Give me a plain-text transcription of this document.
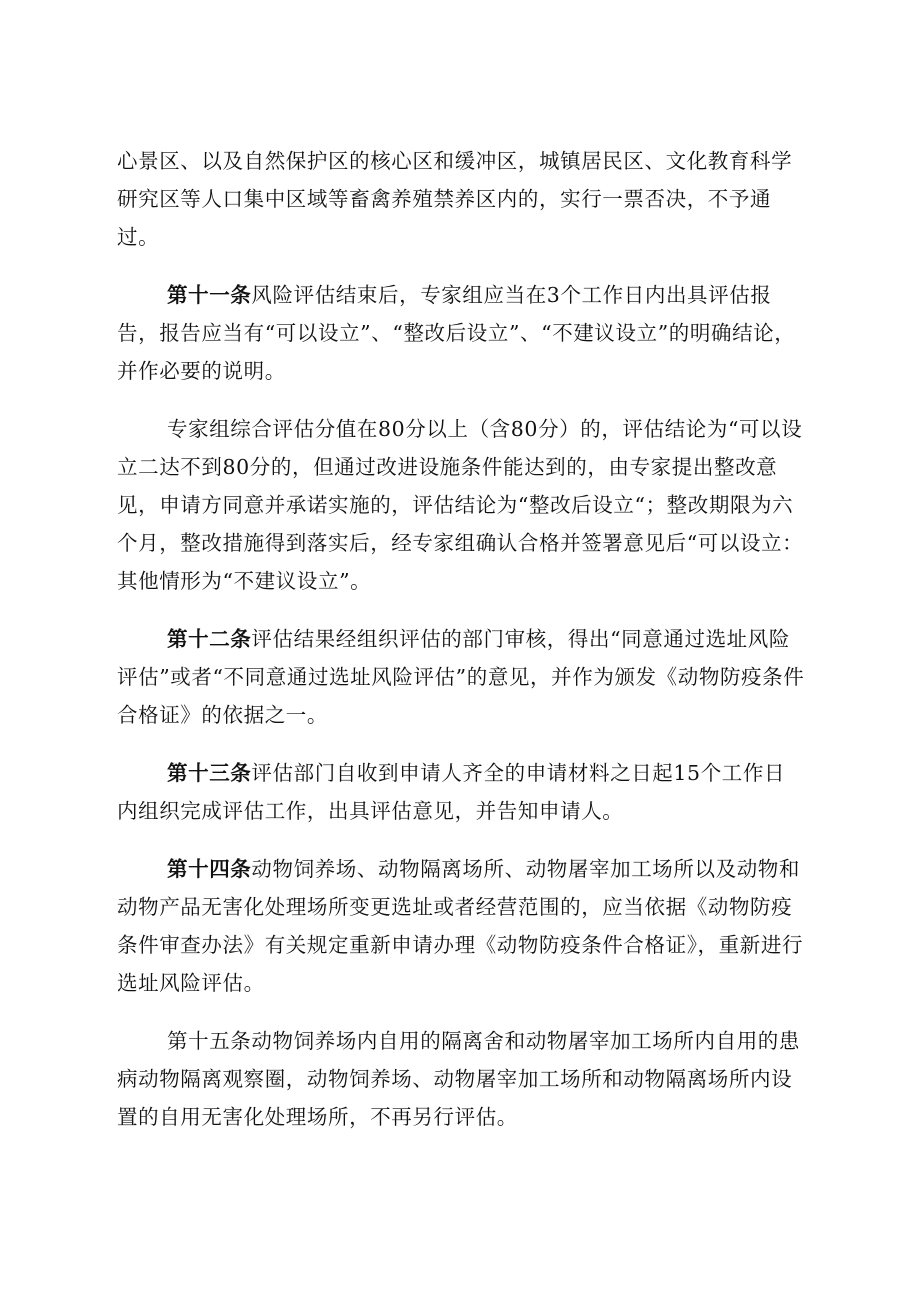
心景区、以及自然保护区的核心区和缓冲区，城镇居民区、文化教育科学研究区等人口集中区域等畜禽养殖禁养区内的，实行一票否决，不予通过。

第十一条风险评估结束后，专家组应当在3个工作日内出具评估报告，报告应当有“可以设立”、“整改后设立”、“不建议设立”的明确结论，并作必要的说明。

专家组综合评估分值在80分以上（含80分）的，评估结论为“可以设立二达不到80分的，但通过改进设施条件能达到的，由专家提出整改意见，申请方同意并承诺实施的，评估结论为“整改后设立“；整改期限为六个月，整改措施得到落实后，经专家组确认合格并签署意见后“可以设立：其他情形为“不建议设立”。

第十二条评估结果经组织评估的部门审核，得出“同意通过选址风险评估”或者“不同意通过选址风险评估”的意见，并作为颁发《动物防疫条件合格证》的依据之一。

第十三条评估部门自收到申请人齐全的申请材料之日起15个工作日内组织完成评估工作，出具评估意见，并告知申请人。

第十四条动物饲养场、动物隔离场所、动物屠宰加工场所以及动物和动物产品无害化处理场所变更选址或者经营范围的，应当依据《动物防疫条件审查办法》有关规定重新申请办理《动物防疫条件合格证》，重新进行选址风险评估。

第十五条动物饲养场内自用的隔离舍和动物屠宰加工场所内自用的患病动物隔离观察圈，动物饲养场、动物屠宰加工场所和动物隔离场所内设置的自用无害化处理场所，不再另行评估。
